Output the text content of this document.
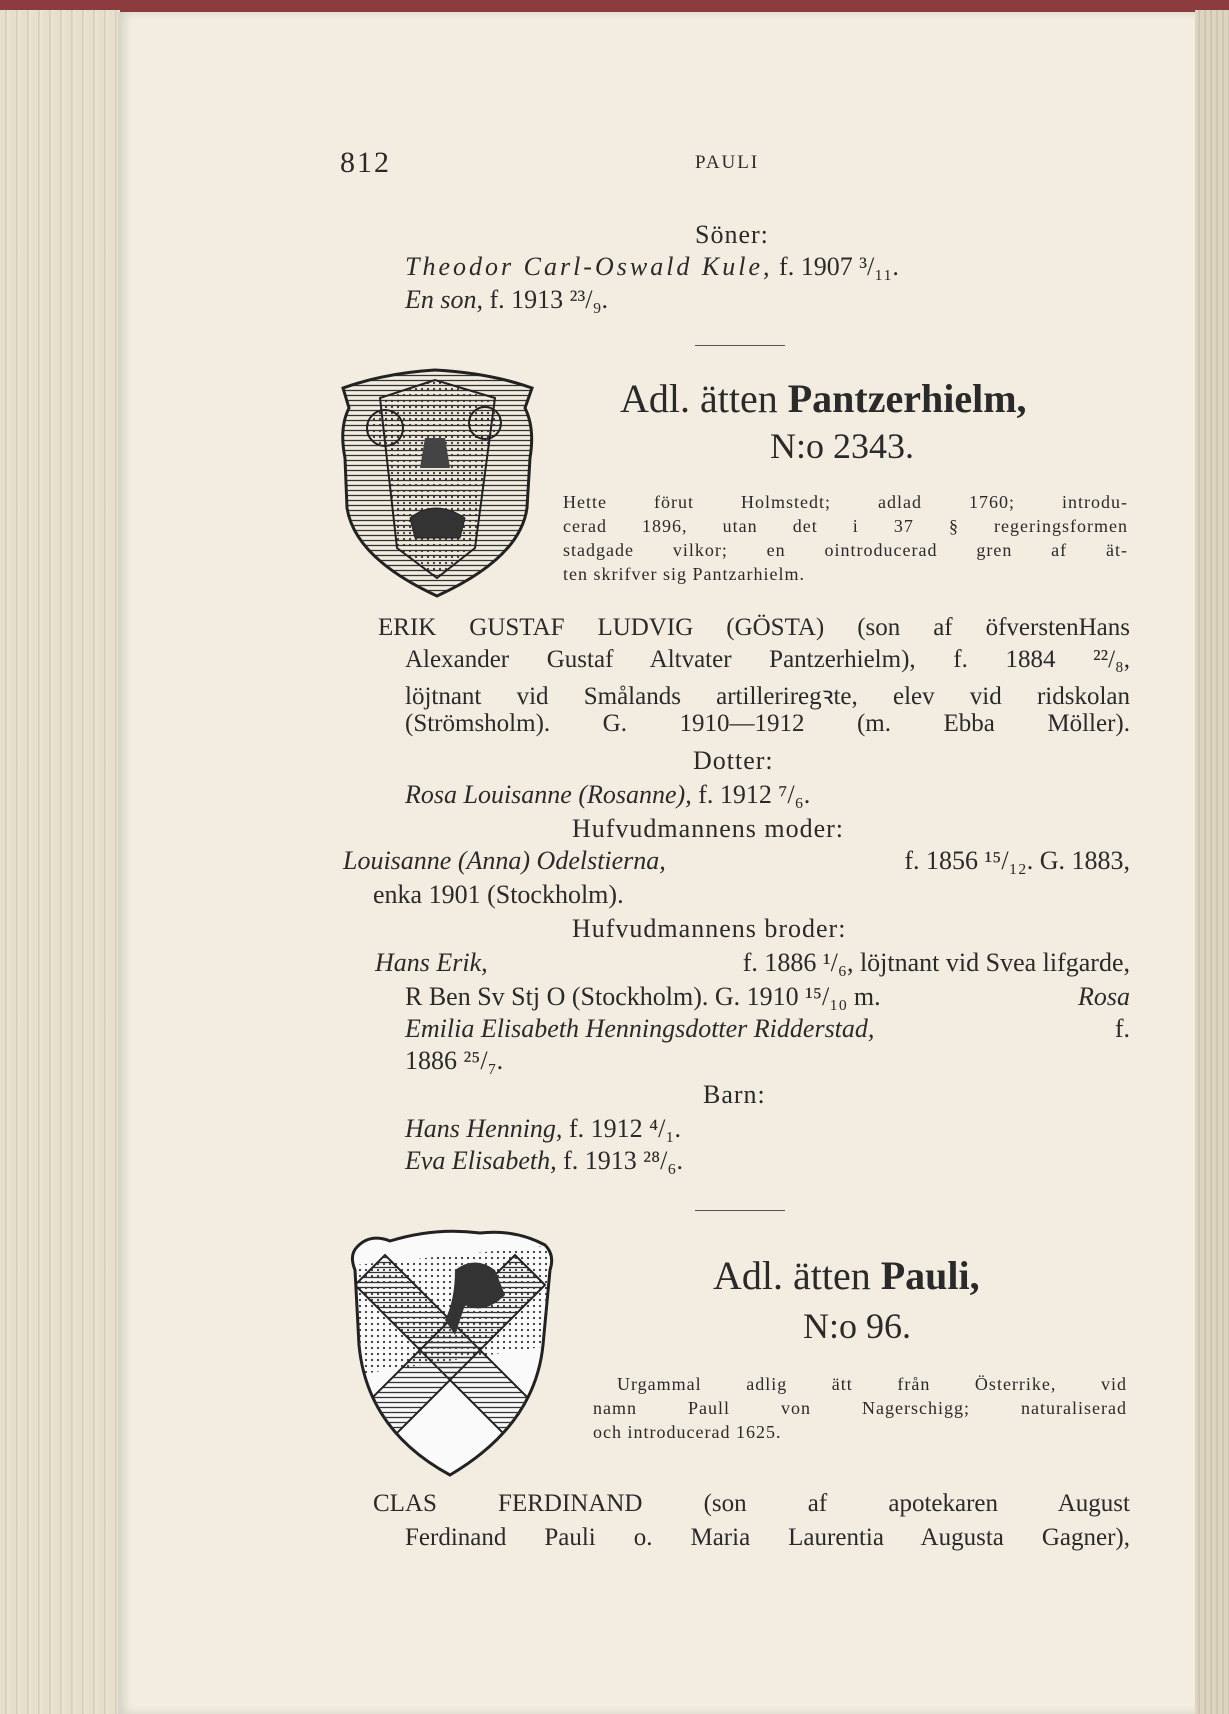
812	PAULI
Söner:
Theodor Carl-Oswald Kule, f. 1907 ³/₁₁.
En son, f. 1913 ²³/₉.
Adl. ätten Pantzerhielm,
N:o 2343.
Hette förut Holmstedt; adlad 1760; introdu-
cerad 1896, utan det i 37 § regeringsformen
stadgade vilkor; en ointroducerad gren af ät-
ten skrifver sig Pantzarhielm.
ERIK GUSTAF LUDVIG (GÖSTA) (son af öfverstenHans
Alexander Gustaf Altvater Pantzerhielm), f. 1884 ²²/₈,
löjtnant vid Smålands artilleriregꝛte, elev vid ridskolan
(Strömsholm). G. 1910—1912 (m. Ebba Möller).
Dotter:
Rosa Louisanne (Rosanne), f. 1912 ⁷/₆.
Hufvudmannens moder:
Louisanne (Anna) Odelstierna,	f. 1856 ¹⁵/₁₂. G. 1883,
enka 1901 (Stockholm).
Hufvudmannens broder:
Hans Erik,	f. 1886 ¹/₆, löjtnant vid Svea lifgarde,
R Ben Sv Stj O (Stockholm). G. 1910 ¹⁵/₁₀ m.	Rosa
Emilia Elisabeth Henningsdotter Ridderstad,	f.
1886 ²⁵/₇.
Barn:
Hans Henning, f. 1912 ⁴/₁.
Eva Elisabeth, f. 1913 ²⁸/₆.
Adl. ätten Pauli,
N:o 96.
Urgammal adlig ätt från Österrike, vid
namn Paull von Nagerschigg; naturaliserad
och introducerad 1625.
CLAS FERDINAND (son af apotekaren August
Ferdinand Pauli o. Maria Laurentia Augusta Gagner),
